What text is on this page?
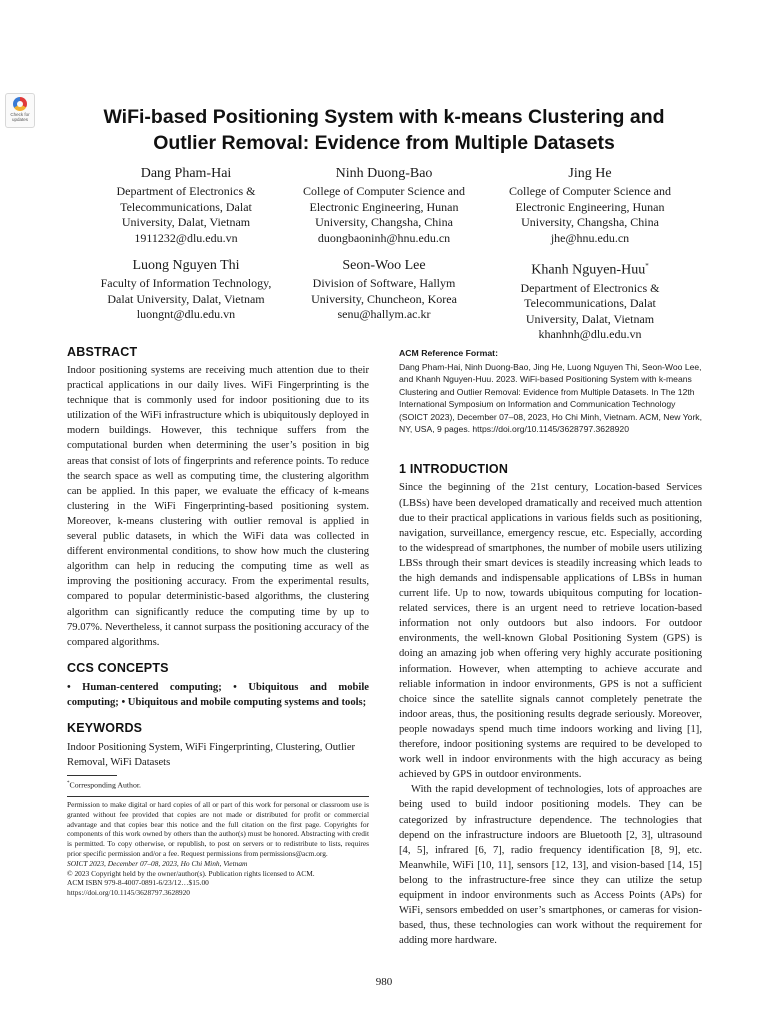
Check for
updates	WiFi-based Positioning System with k-means Clustering and
Outlier Removal: Evidence from Multiple Datasets
Dang Pham-Hai
Department of Electronics &
Telecommunications, Dalat
University, Dalat, Vietnam
1911232@dlu.edu.vn
Ninh Duong-Bao
College of Computer Science and
Electronic Engineering, Hunan
University, Changsha, China
duongbaoninh@hnu.edu.cn
Jing He
College of Computer Science and
Electronic Engineering, Hunan
University, Changsha, China
jhe@hnu.edu.cn
Luong Nguyen Thi
Faculty of Information Technology,
Dalat University, Dalat, Vietnam
luongnt@dlu.edu.vn
Seon-Woo Lee
Division of Software, Hallym
University, Chuncheon, Korea
senu@hallym.ac.kr
Khanh Nguyen-Huu*
Department of Electronics &
Telecommunications, Dalat
University, Dalat, Vietnam
khanhnh@dlu.edu.vn
ABSTRACT

Indoor positioning systems are receiving much attention due to their practical applications in our daily lives. WiFi Fingerprinting is the technique that is commonly used for indoor positioning due to its utilization of the WiFi infrastructure which is ubiquitously deployed in modern buildings. However, this technique suffers from the computational burden when determining the user’s position in big areas that consist of lots of fingerprints and reference points. To reduce the search space as well as computing time, the clustering algorithm can be applied. In this paper, we evaluate the efficacy of k-means clustering in the WiFi Fingerprinting-based positioning system. Moreover, k-means clustering with outlier removal is applied in several public datasets, in which the WiFi data was collected in different environmental conditions, to show how much the clustering algorithm can help in reducing the computing time as well as improving the positioning accuracy. From the experimental results, compared to popular deterministic-based algorithms, the clustering algorithm can significantly reduce the computing time by up to 79.07%. Nevertheless, it cannot surpass the positioning accuracy of the compared algorithms.

CCS CONCEPTS

• Human-centered computing; • Ubiquitous and mobile computing; • Ubiquitous and mobile computing systems and tools;

KEYWORDS

Indoor Positioning System, WiFi Fingerprinting, Clustering, Outlier Removal, WiFi Datasets

*Corresponding Author.
Permission to make digital or hard copies of all or part of this work for personal or classroom use is granted without fee provided that copies are not made or distributed for profit or commercial advantage and that copies bear this notice and the full citation on the first page. Copyrights for components of this work owned by others than the author(s) must be honored. Abstracting with credit is permitted. To copy otherwise, or republish, to post on servers or to redistribute to lists, requires prior specific permission and/or a fee. Request permissions from permissions@acm.org.
SOICT 2023, December 07–08, 2023, Ho Chi Minh, Vietnam
© 2023 Copyright held by the owner/author(s). Publication rights licensed to ACM.
ACM ISBN 979-8-4007-0891-6/23/12…$15.00
https://doi.org/10.1145/3628797.3628920
ACM Reference Format:

Dang Pham-Hai, Ninh Duong-Bao, Jing He, Luong Nguyen Thi, Seon-Woo Lee, and Khanh Nguyen-Huu. 2023. WiFi-based Positioning System with k-means Clustering and Outlier Removal: Evidence from Multiple Datasets. In The 12th International Symposium on Information and Communication Technology (SOICT 2023), December 07–08, 2023, Ho Chi Minh, Vietnam. ACM, New York, NY, USA, 9 pages. https://doi.org/10.1145/3628797.3628920

1 INTRODUCTION

Since the beginning of the 21st century, Location-based Services (LBSs) have been developed dramatically and received much attention due to their practical applications in various fields such as positioning, navigation, surveillance, emergency rescue, etc. Especially, according to the widespread of smartphones, the number of mobile users utilizing LBSs through their smart devices is steadily increasing which leads to the high demands and indispensable applications of LBSs in human current life. Up to now, towards ubiquitous computing for location-related services, there is an urgent need to retrieve location-based information not only outdoors but also indoors. For outdoor environments, the well-known Global Positioning System (GPS) is doing an amazing job when offering very highly accurate positioning information. However, when attempting to achieve accurate and reliable information in indoor environments, GPS is not a sufficient choice since the satellite signals cannot completely penetrate the indoor areas, thus, the positioning results degrade seriously. Moreover, people nowadays spend much time indoors working and living [1], therefore, indoor positioning systems are required to be developed to work well in indoor environments with the high accuracy as being achieved by GPS in outdoor environments.

With the rapid development of technologies, lots of approaches are being used to build indoor positioning models. They can be categorized by infrastructure dependence. The technologies that depend on the infrastructure indoors are Bluetooth [2, 3], ultrasound [4, 5], infrared [6, 7], radio frequency identification [8, 9], etc. Meanwhile, WiFi [10, 11], sensors [12, 13], and vision-based [14, 15] belong to the infrastructure-free since they can utilize the setup equipment in indoor environments such as Access Points (APs) for WiFi, sensors embedded on user’s smartphones, or cameras for vision-based, thus, these technologies can work without the requirement for adding more hardware.

980
